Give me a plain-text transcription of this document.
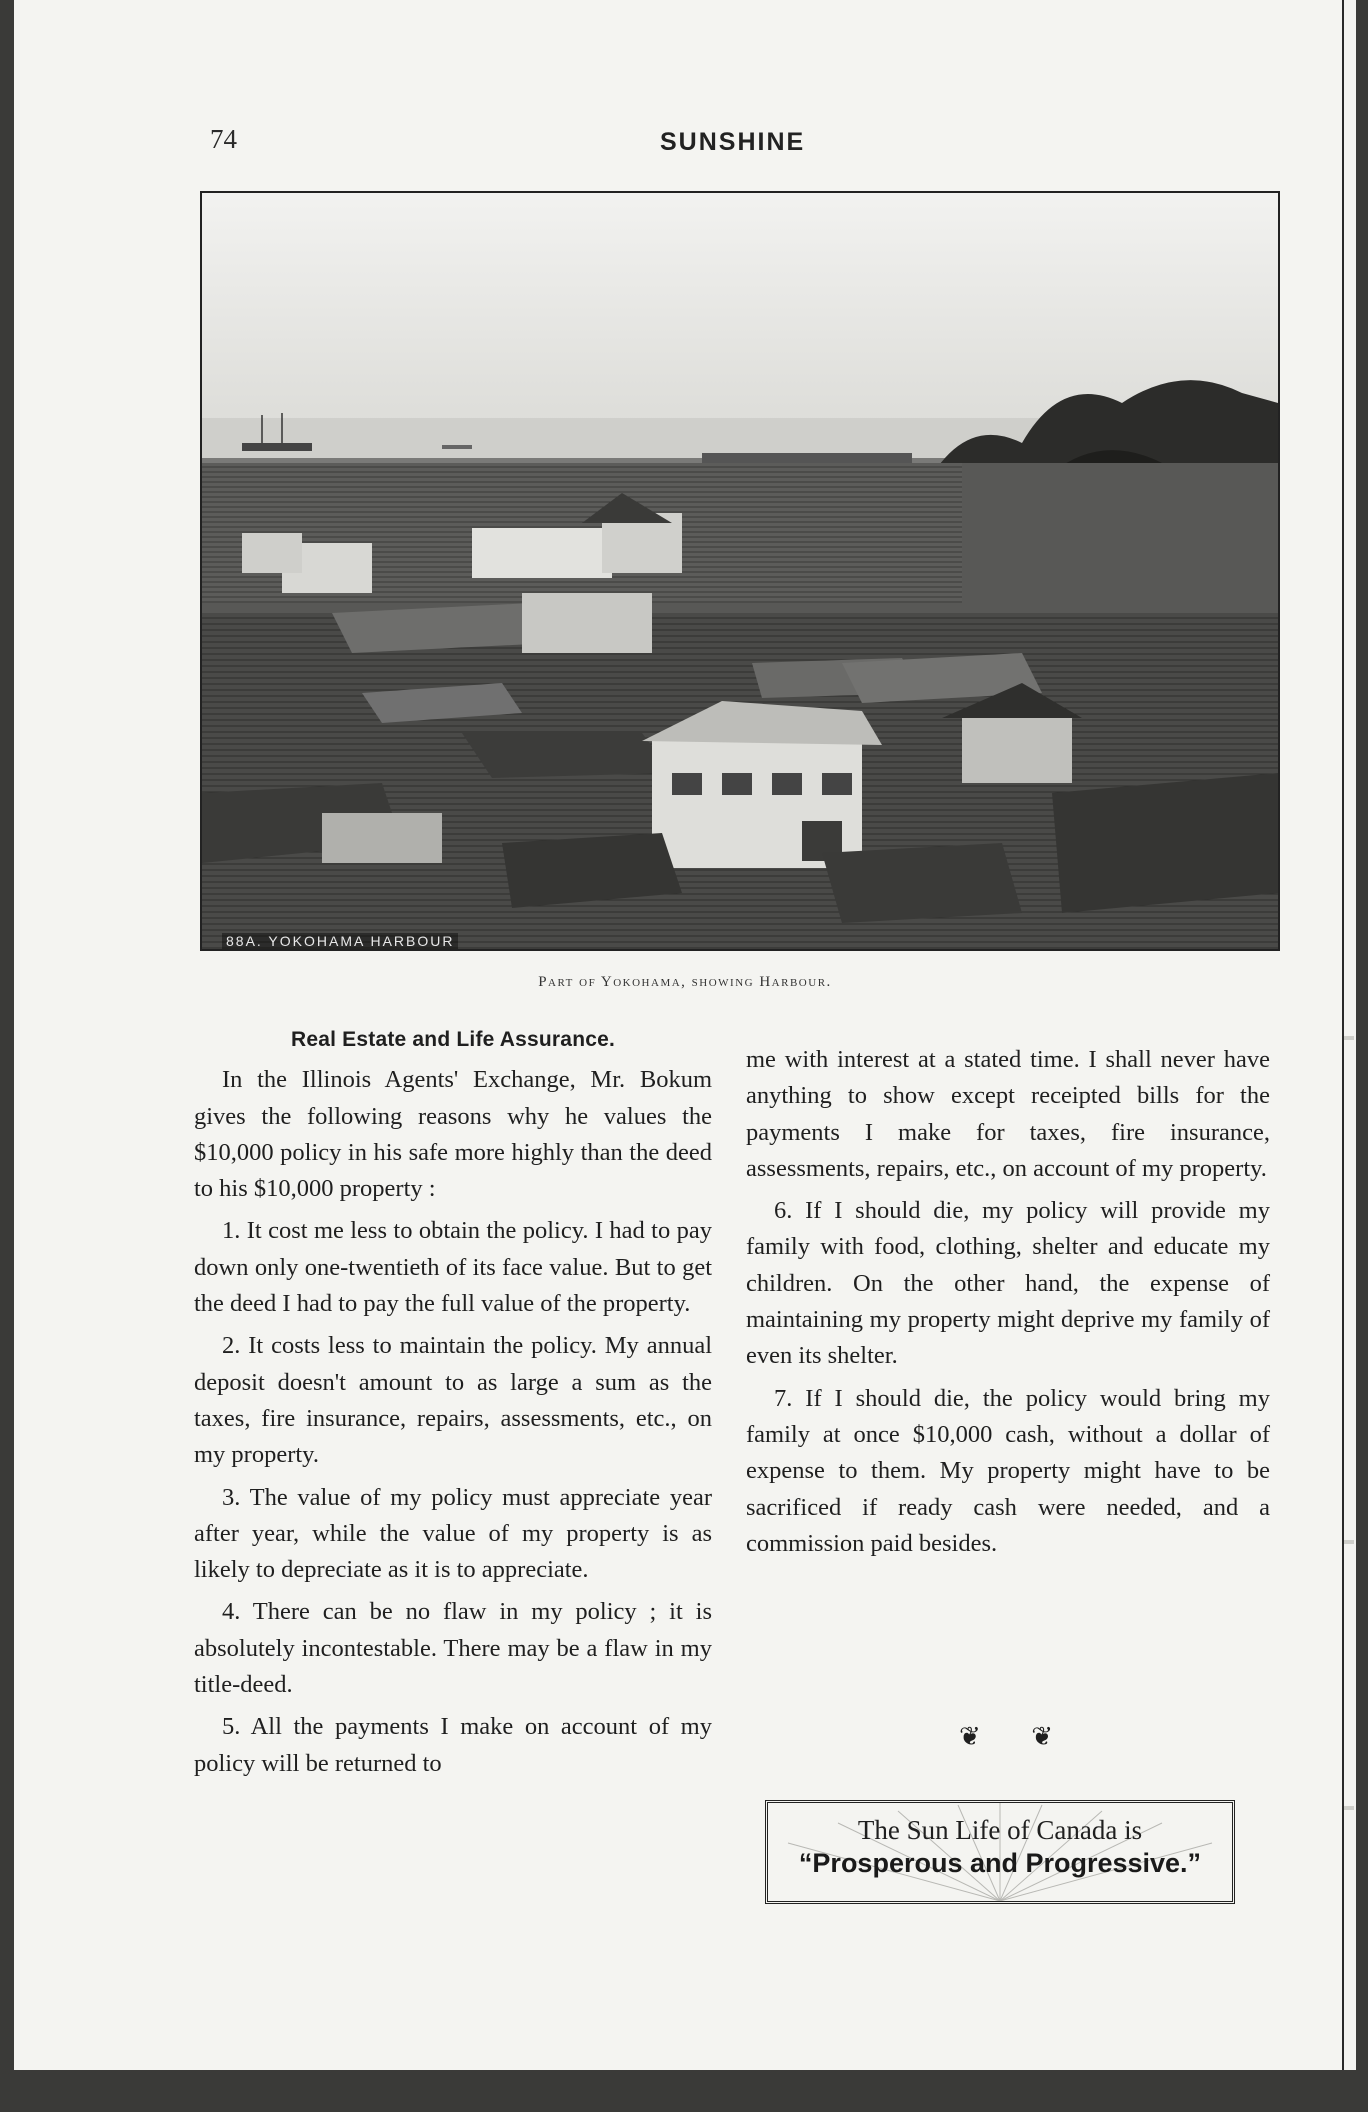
74	SUNSHINE
88A. YOKOHAMA HARBOUR
Part of Yokohama, showing Harbour.
Real Estate and Life Assurance.
In the Illinois Agents' Exchange, Mr. Bokum gives the following reasons why he values the $10,000 policy in his safe more highly than the deed to his $10,000 property :
1. It cost me less to obtain the policy. I had to pay down only one-twentieth of its face value. But to get the deed I had to pay the full value of the property.
2. It costs less to maintain the policy. My annual deposit doesn't amount to as large a sum as the taxes, fire insurance, repairs, assessments, etc., on my property.
3. The value of my policy must appreciate year after year, while the value of my property is as likely to depreciate as it is to appreciate.
4. There can be no flaw in my policy ; it is absolutely incontestable. There may be a flaw in my title-deed.
5. All the payments I make on account of my policy will be returned to
me with interest at a stated time. I shall never have anything to show except receipted bills for the payments I make for taxes, fire insurance, assessments, repairs, etc., on account of my property.
6. If I should die, my policy will provide my family with food, clothing, shelter and educate my children. On the other hand, the expense of maintaining my property might deprive my family of even its shelter.
7. If I should die, the policy would bring my family at once $10,000 cash, without a dollar of expense to them. My property might have to be sacrificed if ready cash were needed, and a commission paid besides.
❦ ❦
The Sun Life of Canada is
“Prosperous and Progressive.”
